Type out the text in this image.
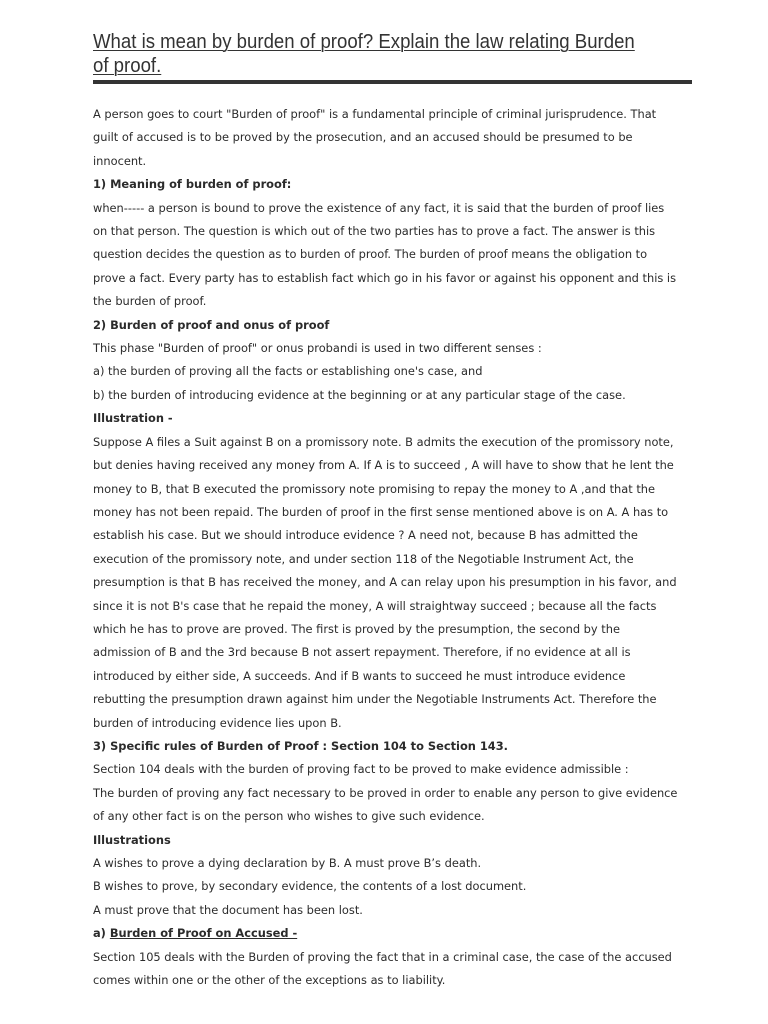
What is mean by burden of proof? Explain the law relating Burden of proof.

A person goes to court "Burden of proof" is a fundamental principle of criminal jurisprudence. That

guilt of accused is to be proved by the prosecution, and an accused should be presumed to be

innocent.

1) Meaning of burden of proof:

when----- a person is bound to prove the existence of any fact, it is said that the burden of proof lies

on that person. The question is which out of the two parties has to prove a fact. The answer is this

question decides the question as to burden of proof. The burden of proof means the obligation to

prove a fact. Every party has to establish fact which go in his favor or against his opponent and this is

the burden of proof.

2) Burden of proof and onus of proof

This phase "Burden of proof" or onus probandi is used in two different senses :

a) the burden of proving all the facts or establishing one's case, and

b) the burden of introducing evidence at the beginning or at any particular stage of the case.

Illustration -

Suppose A files a Suit against B on a promissory note. B admits the execution of the promissory note,

but denies having received any money from A. If A is to succeed , A will have to show that he lent the

money to B, that B executed the promissory note promising to repay the money to A ,and that the

money has not been repaid. The burden of proof in the first sense mentioned above is on A. A has to

establish his case. But we should introduce evidence ? A need not, because B has admitted the

execution of the promissory note, and under section 118 of the Negotiable Instrument Act, the

presumption is that B has received the money, and A can relay upon his presumption in his favor, and

since it is not B's case that he repaid the money, A will straightway succeed ; because all the facts

which he has to prove are proved. The first is proved by the presumption, the second by the

admission of B and the 3rd because B not assert repayment. Therefore, if no evidence at all is

introduced by either side, A succeeds. And if B wants to succeed he must introduce evidence

rebutting the presumption drawn against him under the Negotiable Instruments Act. Therefore the

burden of introducing evidence lies upon B.

3) Specific rules of Burden of Proof : Section 104 to Section 143.

Section 104 deals with the burden of proving fact to be proved to make evidence admissible :

The burden of proving any fact necessary to be proved in order to enable any person to give evidence

of any other fact is on the person who wishes to give such evidence.

Illustrations

A wishes to prove a dying declaration by B. A must prove B’s death.

B wishes to prove, by secondary evidence, the contents of a lost document.

A must prove that the document has been lost.

a) Burden of Proof on Accused -

Section 105 deals with the Burden of proving the fact that in a criminal case, the case of the accused

comes within one or the other of the exceptions as to liability.
